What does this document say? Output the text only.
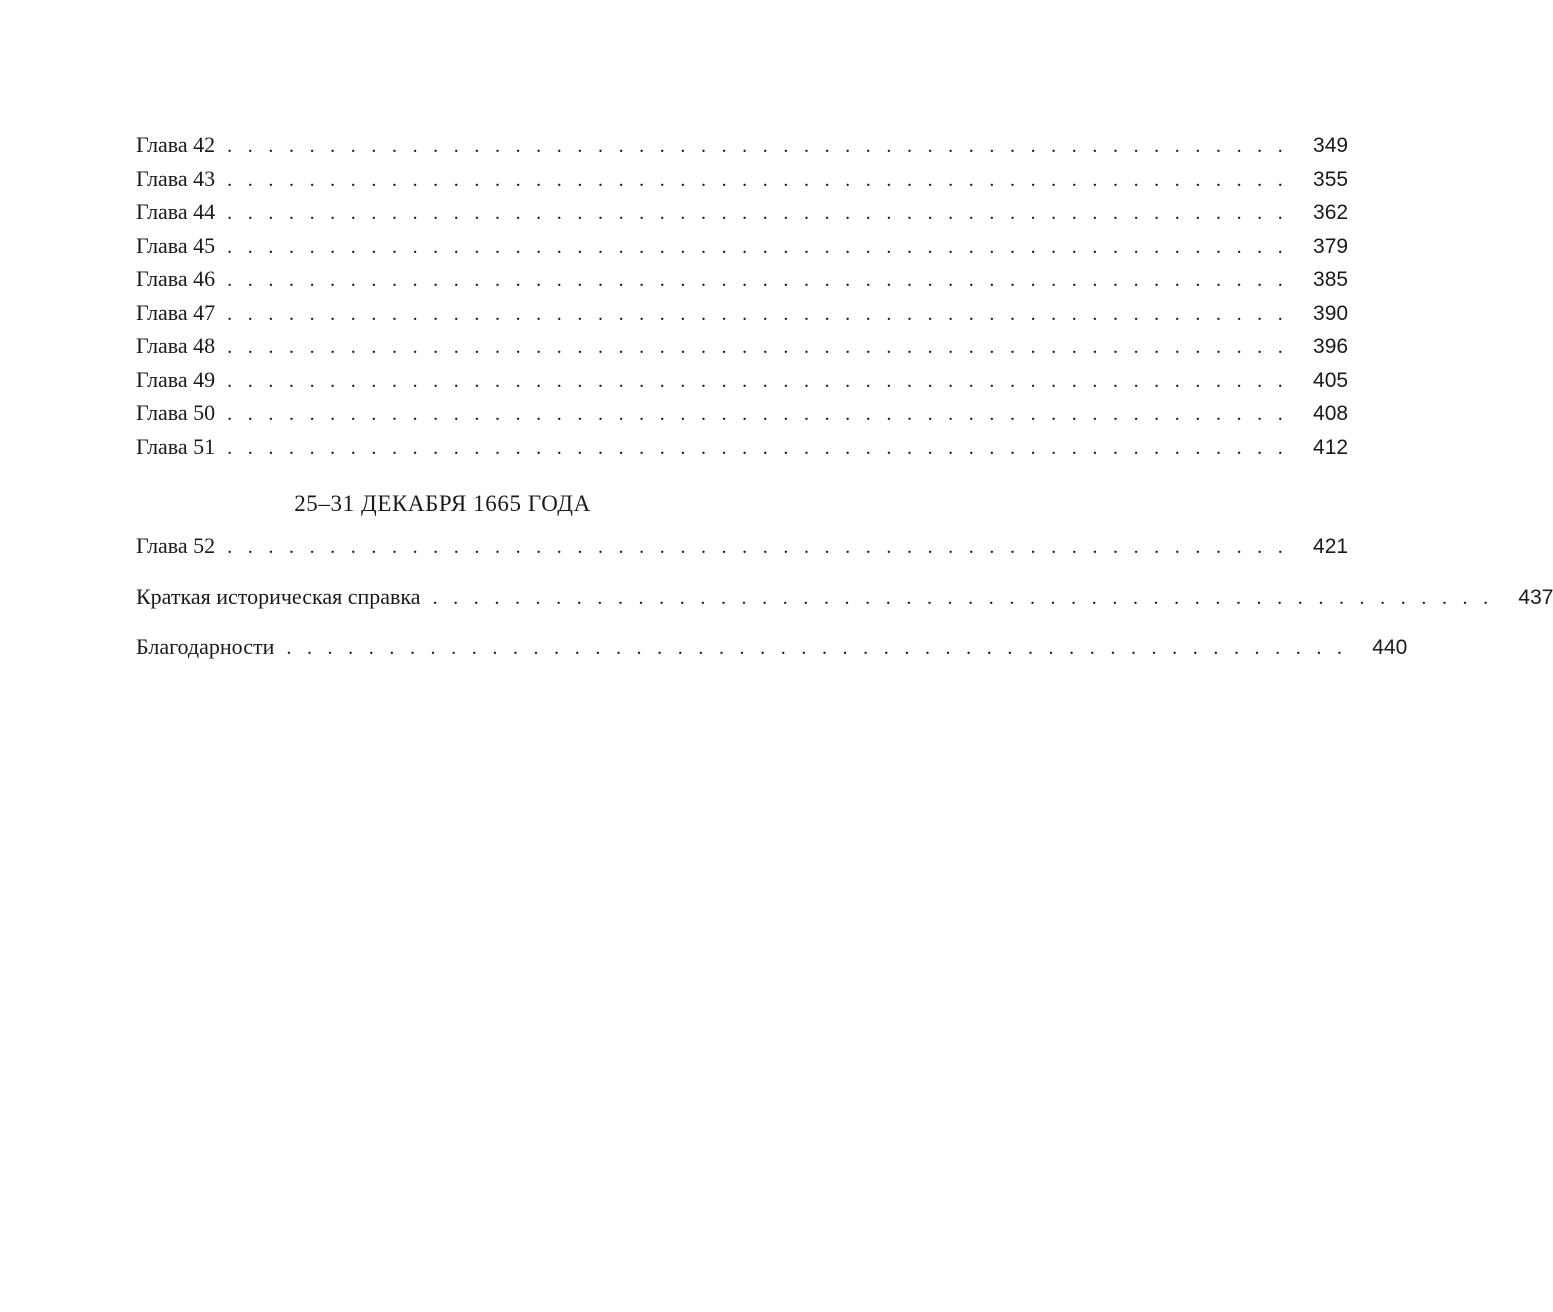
Глава 42 . . . . . . . . . . . . . . . . . . . . . . . . . . . . . . . . . . . . . . . . . . . . . . . . . . . .	349
Глава 43 . . . . . . . . . . . . . . . . . . . . . . . . . . . . . . . . . . . . . . . . . . . . . . . . . . . .	355
Глава 44 . . . . . . . . . . . . . . . . . . . . . . . . . . . . . . . . . . . . . . . . . . . . . . . . . . . .	362
Глава 45 . . . . . . . . . . . . . . . . . . . . . . . . . . . . . . . . . . . . . . . . . . . . . . . . . . . .	379
Глава 46 . . . . . . . . . . . . . . . . . . . . . . . . . . . . . . . . . . . . . . . . . . . . . . . . . . . .	385
Глава 47 . . . . . . . . . . . . . . . . . . . . . . . . . . . . . . . . . . . . . . . . . . . . . . . . . . . .	390
Глава 48 . . . . . . . . . . . . . . . . . . . . . . . . . . . . . . . . . . . . . . . . . . . . . . . . . . . .	396
Глава 49 . . . . . . . . . . . . . . . . . . . . . . . . . . . . . . . . . . . . . . . . . . . . . . . . . . . .	405
Глава 50 . . . . . . . . . . . . . . . . . . . . . . . . . . . . . . . . . . . . . . . . . . . . . . . . . . . .	408
Глава 51 . . . . . . . . . . . . . . . . . . . . . . . . . . . . . . . . . . . . . . . . . . . . . . . . . . . .	412
25–31 ДЕКАБРЯ 1665 ГОДА
Глава 52 . . . . . . . . . . . . . . . . . . . . . . . . . . . . . . . . . . . . . . . . . . . . . . . . . . . .	421
Краткая историческая справка . . . . . . . . . . . . . . . . . . . . . . . . . . . . . . . . . . . . . . . . . . . . . . . . . . . .	437
Благодарности . . . . . . . . . . . . . . . . . . . . . . . . . . . . . . . . . . . . . . . . . . . . . . . . . . . .	440
